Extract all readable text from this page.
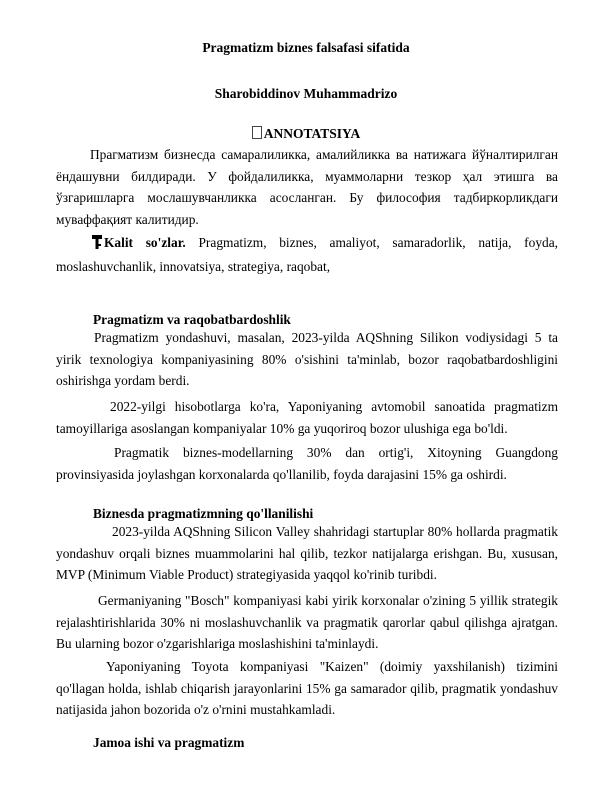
Pragmatizm biznes falsafasi sifatida
Sharobiddinov Muhammadrizo
ANNOTATSIYA

Прагматизм бизнесда самаралиликка, амалийликка ва натижага йўналтирилган ёндашувни билдиради. У фойдалиликка, муаммоларни тезкор ҳал этишга ва ўзгаришларга мослашувчанликка асосланган. Бу философия тадбиркорликдаги муваффақият калитидир.

Kalit so'zlar. Pragmatizm, biznes, amaliyot, samaradorlik, natija, foyda, moslashuvchanlik, innovatsiya, strategiya, raqobat,

Pragmatizm va raqobatbardoshlik

Pragmatizm yondashuvi, masalan, 2023-yilda AQShning Silikon vodiysidagi 5 ta yirik texnologiya kompaniyasining 80% o'sishini ta'minlab, bozor raqobatbardoshligini oshirishga yordam berdi.

2022-yilgi hisobotlarga ko'ra, Yaponiyaning avtomobil sanoatida pragmatizm tamoyillariga asoslangan kompaniyalar 10% ga yuqoriroq bozor ulushiga ega bo'ldi.

Pragmatik biznes-modellarning 30% dan ortig'i, Xitoyning Guangdong provinsiyasida joylashgan korxonalarda qo'llanilib, foyda darajasini 15% ga oshirdi.

Biznesda pragmatizmning qo'llanilishi

2023-yilda AQShning Silicon Valley shahridagi startuplar 80% hollarda pragmatik yondashuv orqali biznes muammolarini hal qilib, tezkor natijalarga erishgan. Bu, xususan, MVP (Minimum Viable Product) strategiyasida yaqqol ko'rinib turibdi.

Germaniyaning "Bosch" kompaniyasi kabi yirik korxonalar o'zining 5 yillik strategik rejalashtirishlarida 30% ni moslashuvchanlik va pragmatik qarorlar qabul qilishga ajratgan. Bu ularning bozor o'zgarishlariga moslashishini ta'minlaydi.

Yaponiyaning Toyota kompaniyasi "Kaizen" (doimiy yaxshilanish) tizimini qo'llagan holda, ishlab chiqarish jarayonlarini 15% ga samarador qilib, pragmatik yondashuv natijasida jahon bozorida o'z o'rnini mustahkamladi.

Jamoa ishi va pragmatizm
